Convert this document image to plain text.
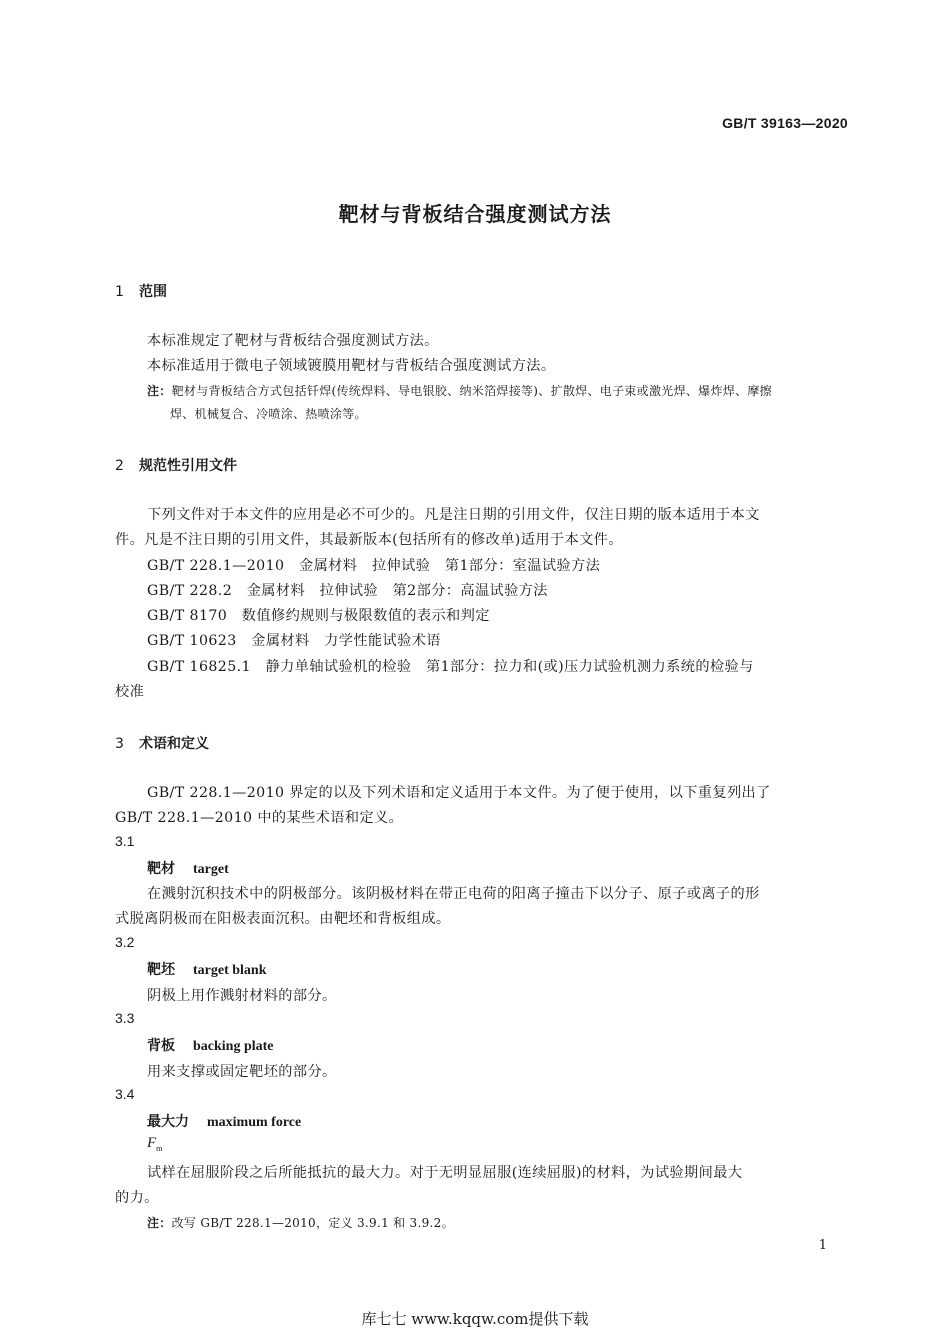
GB/T 39163—2020
靶材与背板结合强度测试方法
1 范围
本标准规定了靶材与背板结合强度测试方法。
本标准适用于微电子领域镀膜用靶材与背板结合强度测试方法。
注：靶材与背板结合方式包括钎焊(传统焊料、导电银胶、纳米箔焊接等)、扩散焊、电子束或激光焊、爆炸焊、摩擦
焊、机械复合、冷喷涂、热喷涂等。
2 规范性引用文件
下列文件对于本文件的应用是必不可少的。凡是注日期的引用文件，仅注日期的版本适用于本文
件。凡是不注日期的引用文件，其最新版本(包括所有的修改单)适用于本文件。
GB/T 228.1—2010　金属材料　拉伸试验　第1部分：室温试验方法
GB/T 228.2　金属材料　拉伸试验　第2部分：高温试验方法
GB/T 8170　数值修约规则与极限数值的表示和判定
GB/T 10623　金属材料　力学性能试验术语
GB/T 16825.1　静力单轴试验机的检验　第1部分：拉力和(或)压力试验机测力系统的检验与
校准
3 术语和定义
GB/T 228.1—2010 界定的以及下列术语和定义适用于本文件。为了便于使用，以下重复列出了
GB/T 228.1—2010 中的某些术语和定义。
3.1
靶材 target
在溅射沉积技术中的阴极部分。该阴极材料在带正电荷的阳离子撞击下以分子、原子或离子的形
式脱离阴极而在阳极表面沉积。由靶坯和背板组成。
3.2
靶坯 target blank
阴极上用作溅射材料的部分。
3.3
背板 backing plate
用来支撑或固定靶坯的部分。
3.4
最大力 maximum force
$F_m$
试样在屈服阶段之后所能抵抗的最大力。对于无明显屈服(连续屈服)的材料，为试验期间最大
的力。
注：改写 GB/T 228.1—2010，定义 3.9.1 和 3.9.2。
1
库七七 www.kqqw.com提供下载
